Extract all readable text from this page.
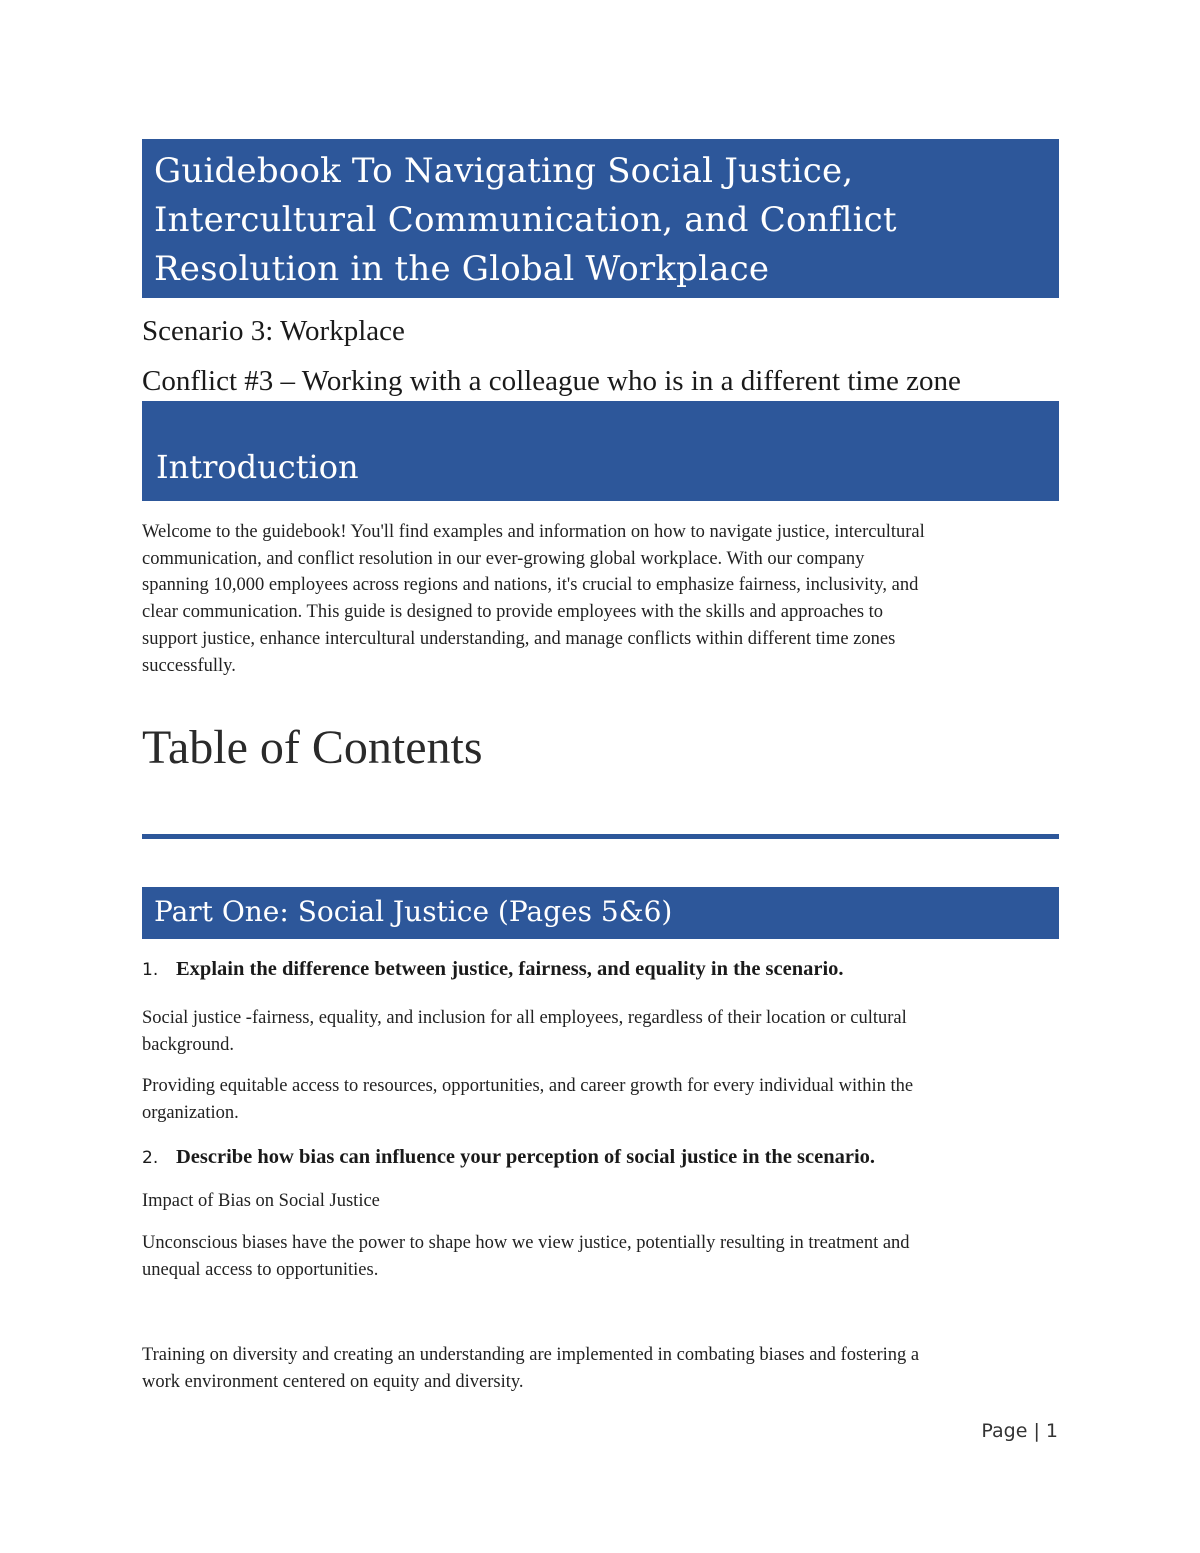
Guidebook To Navigating Social Justice,
Intercultural Communication, and Conflict
Resolution in the Global Workplace
Scenario 3: Workplace
Conflict #3 – Working with a colleague who is in a different time zone
Introduction
Welcome to the guidebook! You'll find examples and information on how to navigate justice, intercultural
communication, and conflict resolution in our ever-growing global workplace. With our company
spanning 10,000 employees across regions and nations, it's crucial to emphasize fairness, inclusivity, and
clear communication. This guide is designed to provide employees with the skills and approaches to
support justice, enhance intercultural understanding, and manage conflicts within different time zones
successfully.
Table of Contents
Part One: Social Justice (Pages 5&6)
1. Explain the difference between justice, fairness, and equality in the scenario.
Social justice -fairness, equality, and inclusion for all employees, regardless of their location or cultural
background.
Providing equitable access to resources, opportunities, and career growth for every individual within the
organization.
2. Describe how bias can influence your perception of social justice in the scenario.
Impact of Bias on Social Justice
Unconscious biases have the power to shape how we view justice, potentially resulting in treatment and
unequal access to opportunities.
Training on diversity and creating an understanding are implemented in combating biases and fostering a
work environment centered on equity and diversity.
Page | 1
